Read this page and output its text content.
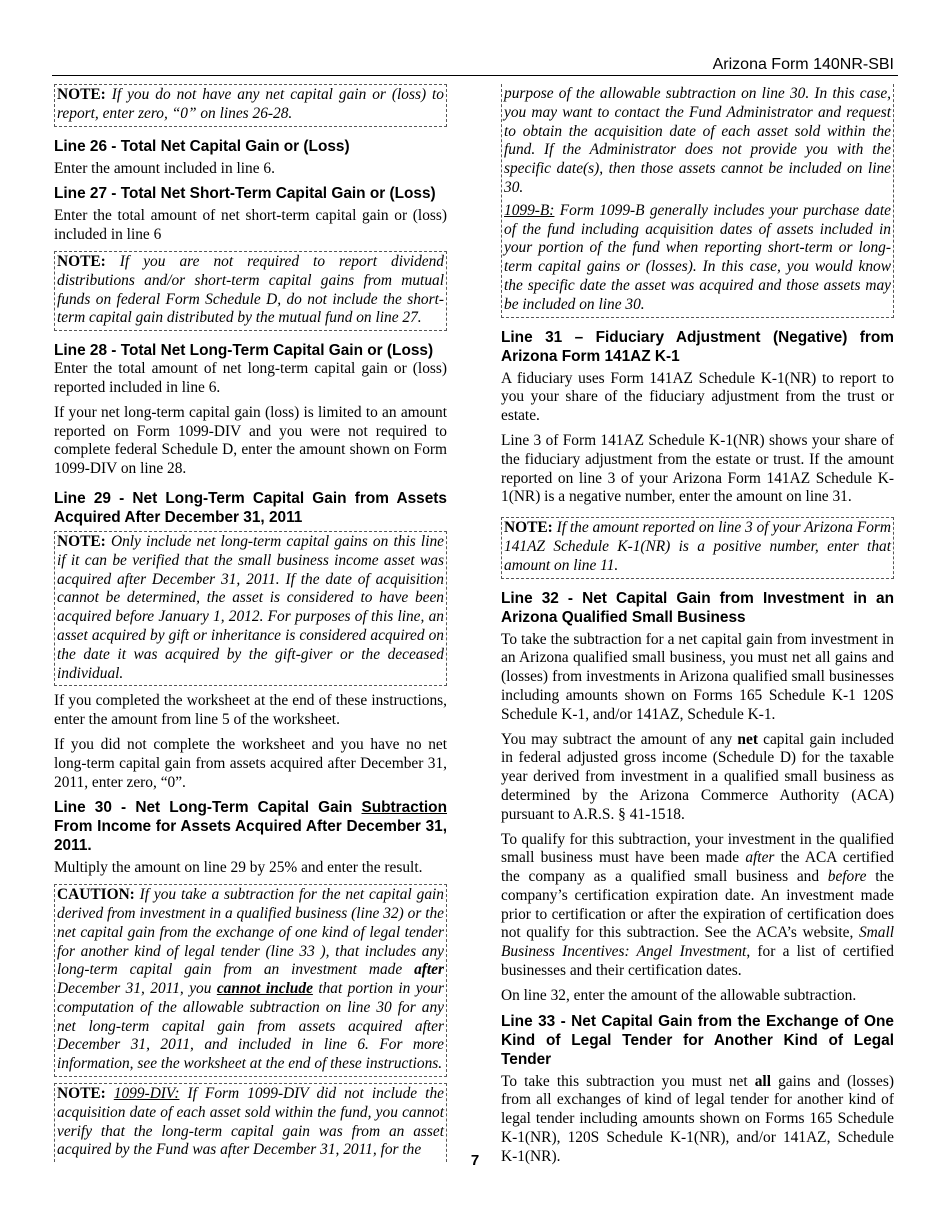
Arizona Form 140NR-SBI
NOTE: If you do not have any net capital gain or (loss) to report, enter zero, “0” on lines 26-28.
Line 26 - Total Net Capital Gain or (Loss)

Enter the amount included in line 6.

Line 27 - Total Net Short-Term Capital Gain or (Loss)

Enter the total amount of net short-term capital gain or (loss) included in line 6

NOTE: If you are not required to report dividend distributions and/or short-term capital gains from mutual funds on federal Form Schedule D, do not include the short-term capital gain distributed by the mutual fund on line 27.
Line 28 - Total Net Long-Term Capital Gain or (Loss)

Enter the total amount of net long-term capital gain or (loss) reported included in line 6.

If your net long-term capital gain (loss) is limited to an amount reported on Form 1099-DIV and you were not required to complete federal Schedule D, enter the amount shown on Form 1099-DIV on line 28.

Line 29 - Net Long-Term Capital Gain from Assets Acquired After December 31, 2011
NOTE: Only include net long-term capital gains on this line if it can be verified that the small business income asset was acquired after December 31, 2011. If the date of acquisition cannot be determined, the asset is considered to have been acquired before January 1, 2012. For purposes of this line, an asset acquired by gift or inheritance is considered acquired on the date it was acquired by the gift-giver or the deceased individual.

If you completed the worksheet at the end of these instructions, enter the amount from line 5 of the worksheet.

If you did not complete the worksheet and you have no net long-term capital gain from assets acquired after December 31, 2011, enter zero, “0”.

Line 30 - Net Long-Term Capital Gain Subtraction From Income for Assets Acquired After December 31, 2011.

Multiply the amount on line 29 by 25% and enter the result.

CAUTION: If you take a subtraction for the net capital gain derived from investment in a qualified business (line 32) or the net capital gain from the exchange of one kind of legal tender for another kind of legal tender (line 33 ), that includes any long-term capital gain from an investment made after December 31, 2011, you cannot include that portion in your computation of the allowable subtraction on line 30 for any net long-term capital gain from assets acquired after December 31, 2011, and included in line 6. For more information, see the worksheet at the end of these instructions.
NOTE: 1099-DIV: If Form 1099-DIV did not include the acquisition date of each asset sold within the fund, you cannot verify that the long-term capital gain was from an asset acquired by the Fund was after December 31, 2011, for the

purpose of the allowable subtraction on line 30. In this case, you may want to contact the Fund Administrator and request to obtain the acquisition date of each asset sold within the fund. If the Administrator does not provide you with the specific date(s), then those assets cannot be included on line 30.

1099-B: Form 1099-B generally includes your purchase date of the fund including acquisition dates of assets included in your portion of the fund when reporting short-term or long-term capital gains or (losses). In this case, you would know the specific date the asset was acquired and those assets may be included on line 30.

Line 31 – Fiduciary Adjustment (Negative) from Arizona Form 141AZ K-1

A fiduciary uses Form 141AZ Schedule K-1(NR) to report to you your share of the fiduciary adjustment from the trust or estate.

Line 3 of Form 141AZ Schedule K-1(NR) shows your share of the fiduciary adjustment from the estate or trust. If the amount reported on line 3 of your Arizona Form 141AZ Schedule K-1(NR) is a negative number, enter the amount on line 31.

NOTE: If the amount reported on line 3 of your Arizona Form 141AZ Schedule K-1(NR) is a positive number, enter that amount on line 11.
Line 32 - Net Capital Gain from Investment in an Arizona Qualified Small Business

To take the subtraction for a net capital gain from investment in an Arizona qualified small business, you must net all gains and (losses) from investments in Arizona qualified small businesses including amounts shown on Forms 165 Schedule K-1 120S Schedule K-1, and/or 141AZ, Schedule K-1.

You may subtract the amount of any net capital gain included in federal adjusted gross income (Schedule D) for the taxable year derived from investment in a qualified small business as determined by the Arizona Commerce Authority (ACA) pursuant to A.R.S. § 41-1518.

To qualify for this subtraction, your investment in the qualified small business must have been made after the ACA certified the company as a qualified small business and before the company’s certification expiration date. An investment made prior to certification or after the expiration of certification does not qualify for this subtraction. See the ACA’s website, Small Business Incentives: Angel Investment, for a list of certified businesses and their certification dates.

On line 32, enter the amount of the allowable subtraction.

Line 33 - Net Capital Gain from the Exchange of One Kind of Legal Tender for Another Kind of Legal Tender

To take this subtraction you must net all gains and (losses) from all exchanges of kind of legal tender for another kind of legal tender including amounts shown on Forms 165 Schedule K-1(NR), 120S Schedule K-1(NR), and/or 141AZ, Schedule K-1(NR).

7
